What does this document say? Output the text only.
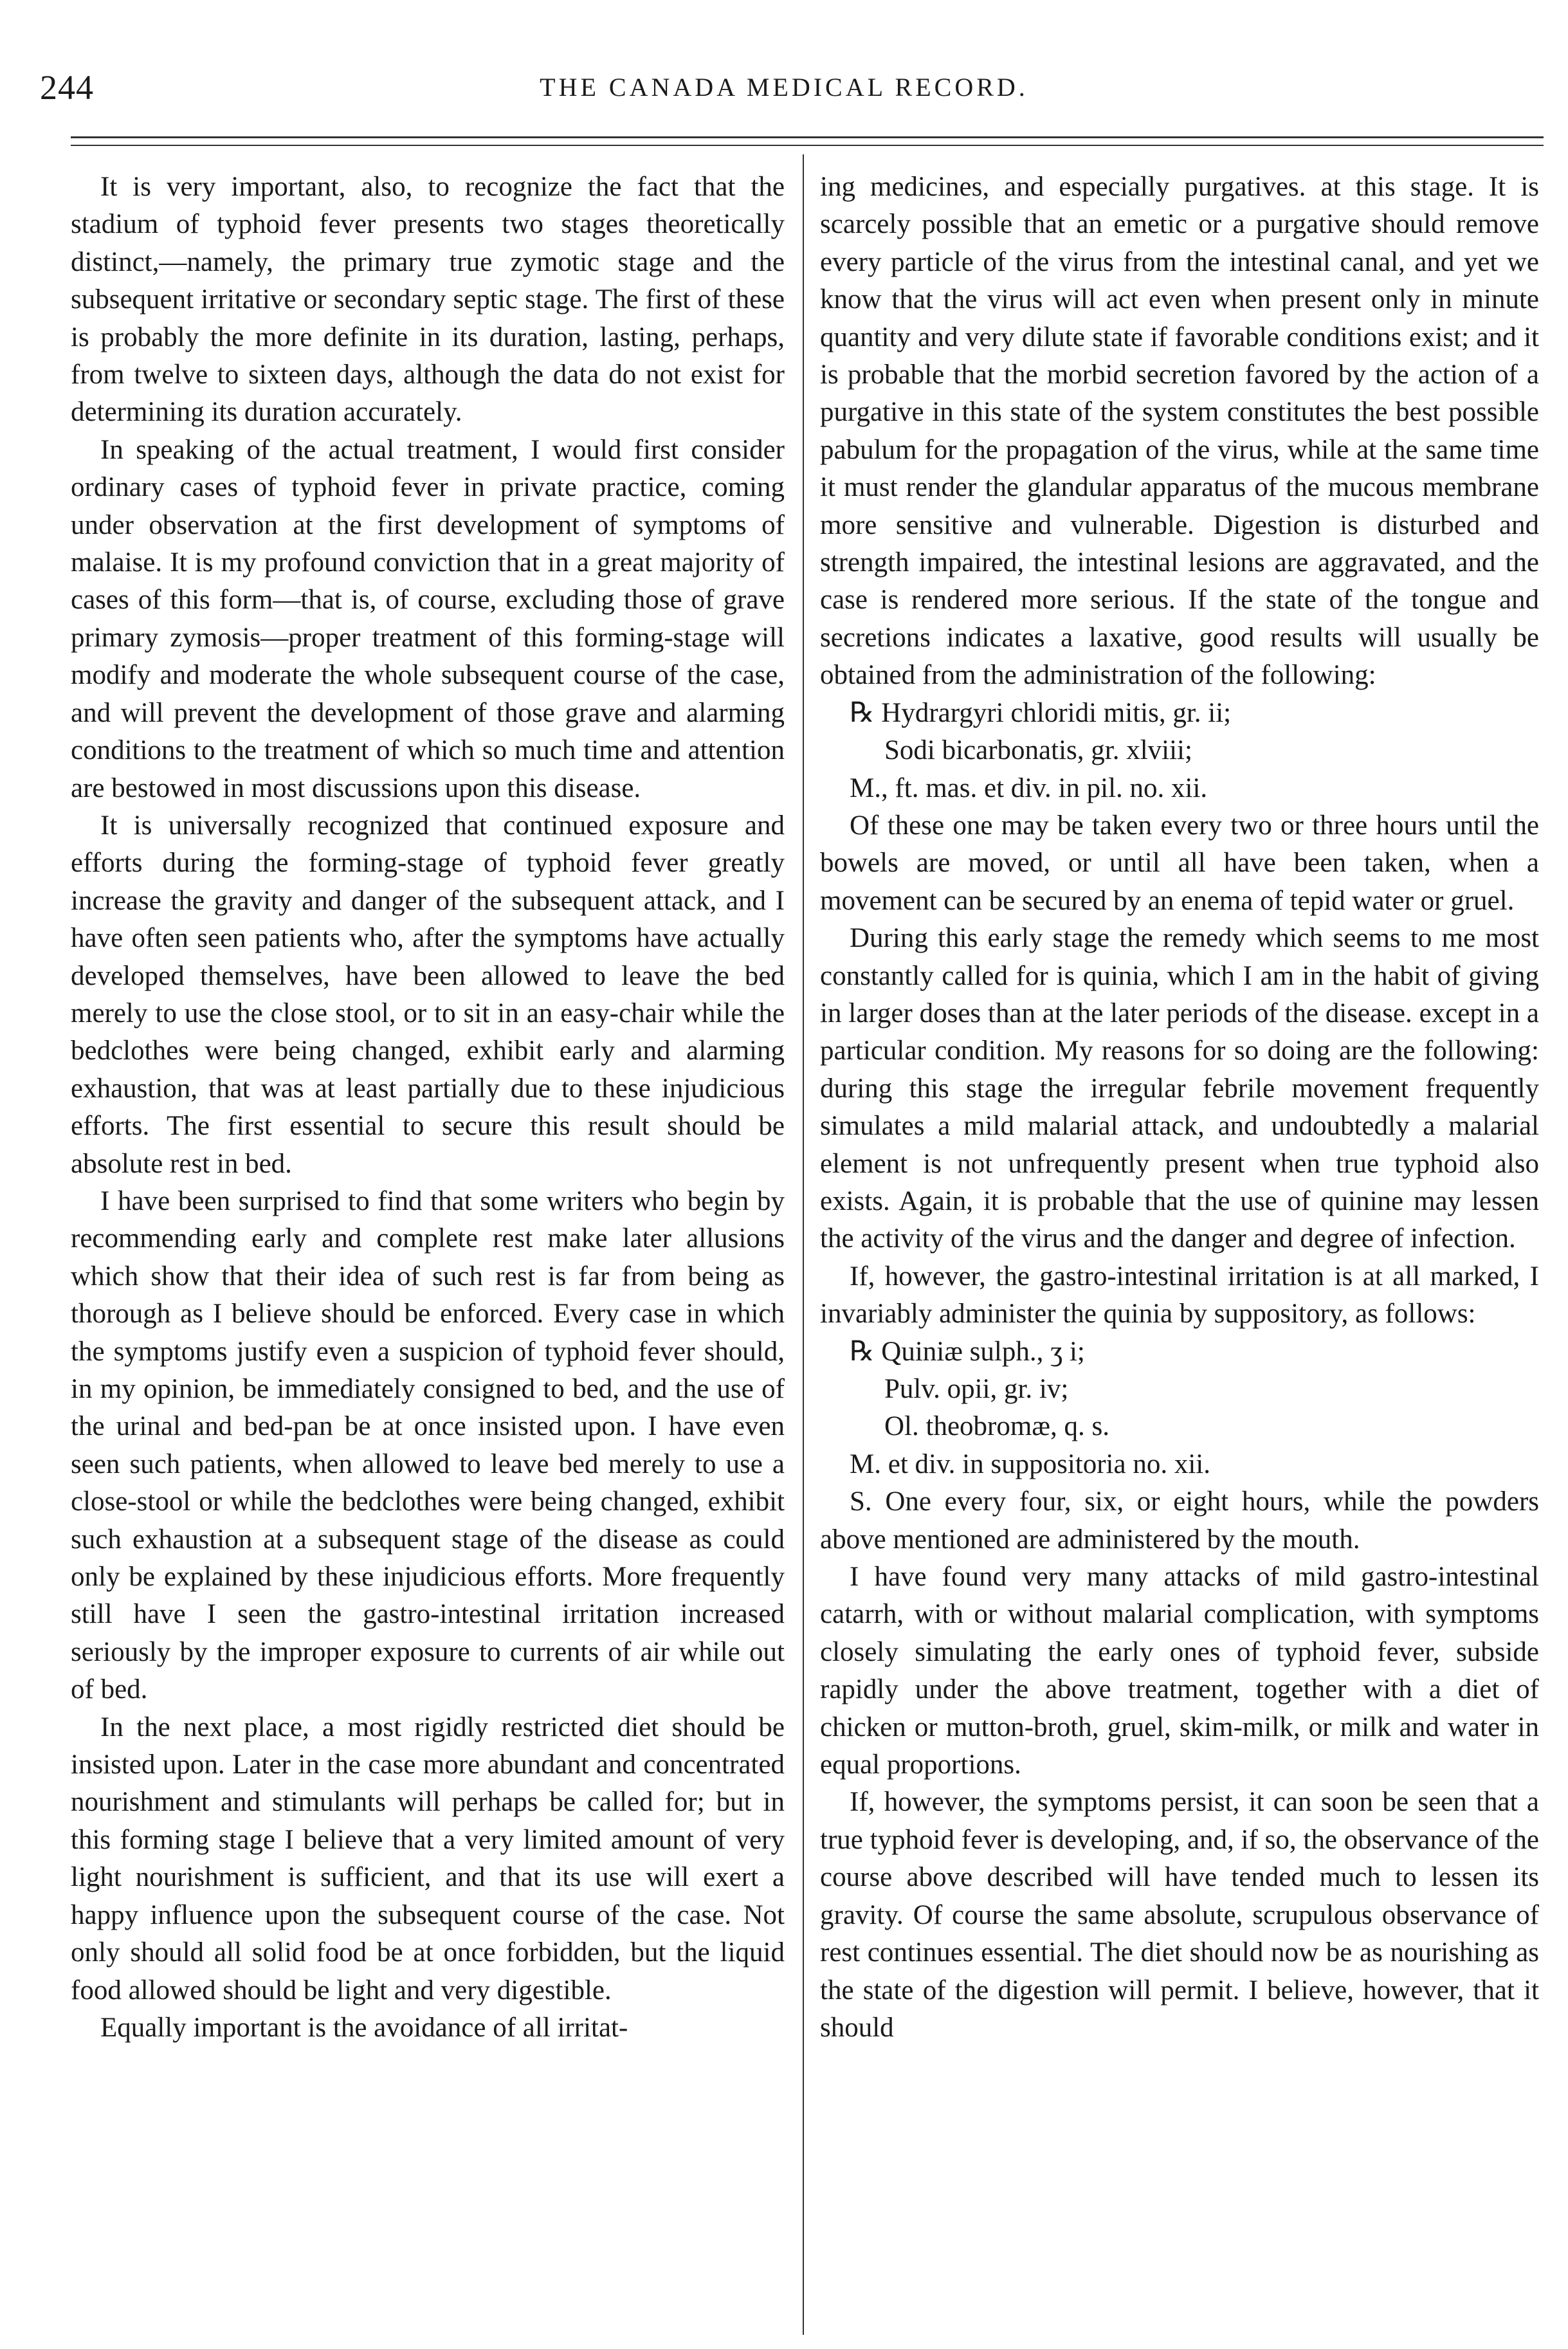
244	THE CANADA MEDICAL RECORD.

It is very important, also, to recognize the fact that the stadium of typhoid fever presents two stages theoretically distinct,—namely, the primary true zymotic stage and the subsequent irritative or secondary septic stage. The first of these is probably the more definite in its duration, lasting, perhaps, from twelve to sixteen days, although the data do not exist for determining its duration accurately.

In speaking of the actual treatment, I would first consider ordinary cases of typhoid fever in private practice, coming under observation at the first development of symptoms of malaise. It is my profound conviction that in a great majority of cases of this form—that is, of course, excluding those of grave primary zymosis—proper treatment of this forming-stage will modify and moderate the whole subsequent course of the case, and will prevent the development of those grave and alarming conditions to the treatment of which so much time and attention are bestowed in most discussions upon this disease.

It is universally recognized that continued exposure and efforts during the forming-stage of typhoid fever greatly increase the gravity and danger of the subsequent attack, and I have often seen patients who, after the symptoms have actually developed themselves, have been allowed to leave the bed merely to use the close stool, or to sit in an easy-chair while the bedclothes were being changed, exhibit early and alarming exhaustion, that was at least partially due to these injudicious efforts. The first essential to secure this result should be absolute rest in bed.

I have been surprised to find that some writers who begin by recommending early and complete rest make later allusions which show that their idea of such rest is far from being as thorough as I believe should be enforced. Every case in which the symptoms justify even a suspicion of typhoid fever should, in my opinion, be immediately consigned to bed, and the use of the urinal and bed-pan be at once insisted upon. I have even seen such patients, when allowed to leave bed merely to use a close-stool or while the bedclothes were being changed, exhibit such exhaustion at a subsequent stage of the disease as could only be explained by these injudicious efforts. More frequently still have I seen the gastro-intestinal irritation increased seriously by the improper exposure to currents of air while out of bed.

In the next place, a most rigidly restricted diet should be insisted upon. Later in the case more abundant and concentrated nourishment and stimulants will perhaps be called for; but in this forming stage I believe that a very limited amount of very light nourishment is sufficient, and that its use will exert a happy influence upon the subsequent course of the case. Not only should all solid food be at once forbidden, but the liquid food allowed should be light and very digestible.

Equally important is the avoidance of all irritat-

ing medicines, and especially purgatives. at this stage. It is scarcely possible that an emetic or a purgative should remove every particle of the virus from the intestinal canal, and yet we know that the virus will act even when present only in minute quantity and very dilute state if favorable conditions exist; and it is probable that the morbid secretion favored by the action of a purgative in this state of the system constitutes the best possible pabulum for the propagation of the virus, while at the same time it must render the glandular apparatus of the mucous membrane more sensitive and vulnerable. Digestion is disturbed and strength impaired, the intestinal lesions are aggravated, and the case is rendered more serious. If the state of the tongue and secretions indicates a laxative, good results will usually be obtained from the administration of the following:

℞ Hydrargyri chloridi mitis, gr. ii;
Sodi bicarbonatis, gr. xlviii;
M., ft. mas. et div. in pil. no. xii.

Of these one may be taken every two or three hours until the bowels are moved, or until all have been taken, when a movement can be secured by an enema of tepid water or gruel.

During this early stage the remedy which seems to me most constantly called for is quinia, which I am in the habit of giving in larger doses than at the later periods of the disease. except in a particular condition. My reasons for so doing are the following: during this stage the irregular febrile movement frequently simulates a mild malarial attack, and undoubtedly a malarial element is not unfrequently present when true typhoid also exists. Again, it is probable that the use of quinine may lessen the activity of the virus and the danger and degree of infection.

If, however, the gastro-intestinal irritation is at all marked, I invariably administer the quinia by suppository, as follows:

℞ Quiniæ sulph., ʒ i;
Pulv. opii, gr. iv;
Ol. theobromæ, q. s.
M. et div. in suppositoria no. xii.

S. One every four, six, or eight hours, while the powders above mentioned are administered by the mouth.

I have found very many attacks of mild gastro-intestinal catarrh, with or without malarial complication, with symptoms closely simulating the early ones of typhoid fever, subside rapidly under the above treatment, together with a diet of chicken or mutton-broth, gruel, skim-milk, or milk and water in equal proportions.

If, however, the symptoms persist, it can soon be seen that a true typhoid fever is developing, and, if so, the observance of the course above described will have tended much to lessen its gravity. Of course the same absolute, scrupulous observance of rest continues essential. The diet should now be as nourishing as the state of the digestion will permit. I believe, however, that it should
